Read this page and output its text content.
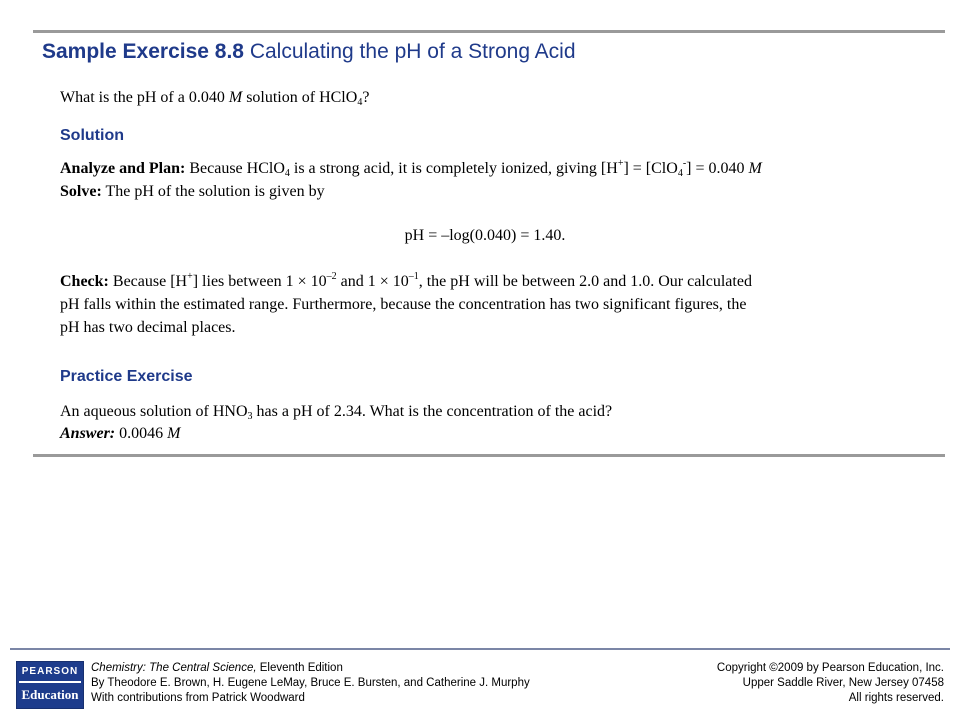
Sample Exercise 8.8 Calculating the pH of a Strong Acid
What is the pH of a 0.040 M solution of HClO$_4$?
Solution
Analyze and Plan: Because HClO$_4$ is a strong acid, it is completely ionized, giving [H+] = [ClO$_4$-] = 0.040 M
Solve: The pH of the solution is given by
pH = –log(0.040) = 1.40.
Check: Because [H+] lies between $1 \times 10^{-2}$ and $1 \times 10^{-1}$, the pH will be between 2.0 and 1.0. Our calculated
pH falls within the estimated range. Furthermore, because the concentration has two significant figures, the
pH has two decimal places.
Practice Exercise
An aqueous solution of $HNO_3$ has a pH of 2.34. What is the concentration of the acid?
Answer: 0.0046 M
PEARSON
Education
Chemistry: The Central Science, Eleventh Edition
By Theodore E. Brown, H. Eugene LeMay, Bruce E. Bursten, and Catherine J. Murphy
With contributions from Patrick Woodward
Copyright ©2009 by Pearson Education, Inc.
Upper Saddle River, New Jersey 07458
All rights reserved.
